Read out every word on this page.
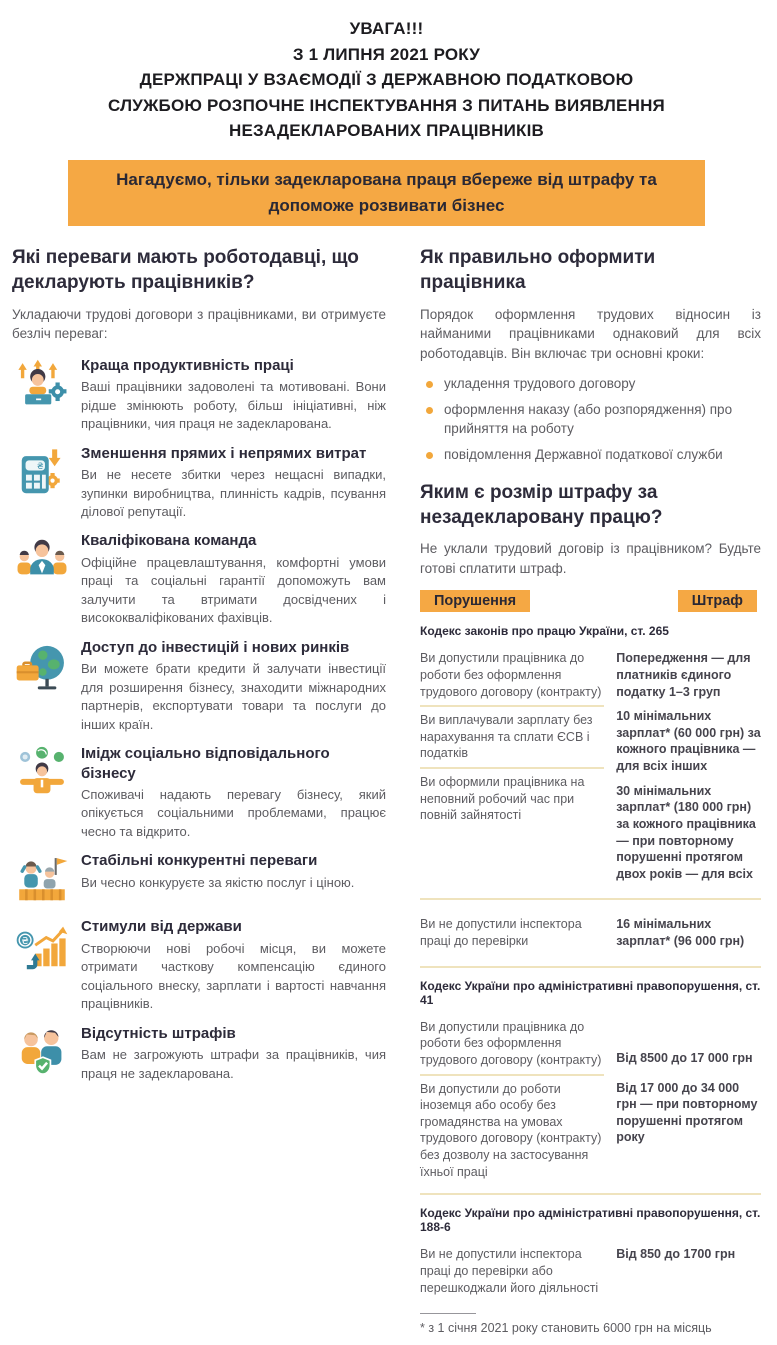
УВАГА!!!
З 1 ЛИПНЯ 2021 РОКУ
ДЕРЖПРАЦІ У ВЗАЄМОДІЇ З ДЕРЖАВНОЮ ПОДАТКОВОЮ
СЛУЖБОЮ РОЗПОЧНЕ ІНСПЕКТУВАННЯ З ПИТАНЬ ВИЯВЛЕННЯ
НЕЗАДЕКЛАРОВАНИХ ПРАЦІВНИКІВ
Нагадуємо, тільки задекларована праця вбереже від штрафу та допоможе розвивати бізнес
Які переваги мають роботодавці, що декларують працівників?

Укладаючи трудові договори з працівниками, ви отримуєте безліч переваг:

Краща продуктивність праці
Ваші працівники задоволені та мотивовані. Вони рідше змінюють роботу, більш ініціативні, ніж працівники, чия праця не задекларована.
₴
Зменшення прямих і непрямих витрат
Ви не несете збитки через нещасні випадки, зупинки виробництва, плинність кадрів, псування ділової репутації.
Кваліфікована команда
Офіційне працевлаштування, комфортні умови праці та соціальні гарантії допоможуть вам залучити та втримати досвідчених і висококваліфікованих фахівців.
Доступ до інвестицій і нових ринків
Ви можете брати кредити й залучати інвестиції для розширення бізнесу, знаходити міжнародних партнерів, експортувати товари та послуги до інших країн.
Імідж соціально відповідального бізнесу
Споживачі надають перевагу бізнесу, який опікується соціальними проблемами, працює чесно та відкрито.
Стабільні конкурентні переваги
Ви чесно конкуруєте за якістю послуг і ціною.
₴
Стимули від держави
Створюючи нові робочі місця, ви можете отримати часткову компенсацію єдиного соціального внеску, зарплати і вартості навчання працівників.
Відсутність штрафів
Вам не загрожують штрафи за працівників, чия праця не задекларована.
Як правильно оформити працівника

Порядок оформлення трудових відносин із найманими працівниками однаковий для всіх роботодавців. Він включає три основні кроки:

укладення трудового договору
оформлення наказу (або розпорядження) про прийняття на роботу
повідомлення Державної податкової служби
Яким є розмір штрафу за незадекларовану працю?

Не уклали трудовий договір із працівником? Будьте готові сплатити штраф.

Порушення	Штраф
Кодекс законів про працю України, ст. 265
Ви допустили працівника до роботи без оформлення трудового договору (контракту)
Ви виплачували зарплату без нарахування та сплати ЄСВ і податків
Ви оформили працівника на неповний робочий час при повній зайнятості
Попередження — для платників єдиного податку 1–3 груп
10 мінімальних зарплат* (60 000 грн) за кожного працівника — для всіх інших
30 мінімальних зарплат* (180 000 грн) за кожного працівника — при повторному порушенні протягом двох років — для всіх
Ви не допустили інспектора праці до перевірки
16 мінімальних зарплат* (96 000 грн)
Кодекс України про адміністративні правопорушення, ст. 41
Ви допустили працівника до роботи без оформлення трудового договору (контракту)
Ви допустили до роботи іноземця або особу без громадянства на умовах трудового договору (контракту) без дозволу на застосування їхньої праці
Від 8500 до 17 000 грн
Від 17 000 до 34 000 грн — при повторному порушенні протягом року
Кодекс України про адміністративні правопорушення, ст. 188-6
Ви не допустили інспектора праці до перевірки або перешкоджали його діяльності
Від 850 до 1700 грн
* з 1 січня 2021 року становить 6000 грн на місяць
